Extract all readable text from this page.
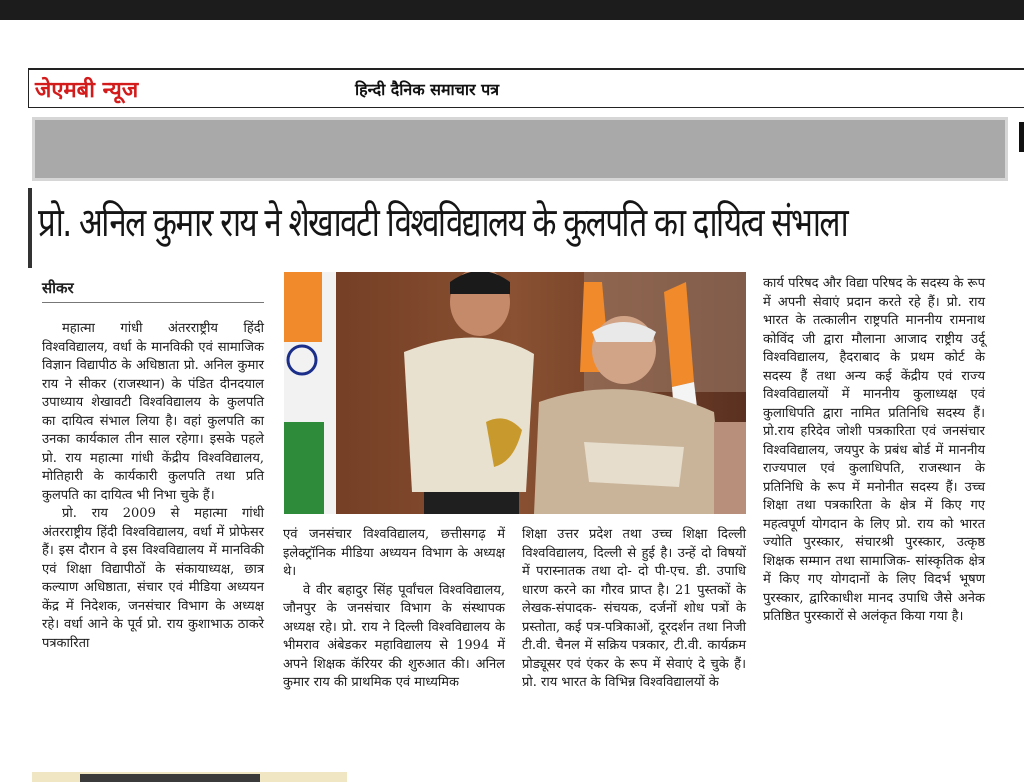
जेएमबी न्यूज	हिन्दी दैनिक समाचार पत्र
प्रो. अनिल कुमार राय ने शेखावटी विश्वविद्यालय के कुलपति का दायित्व संभाला
सीकर

महात्मा गांधी अंतरराष्ट्रीय हिंदी विश्वविद्यालय, वर्धा के मानविकी एवं सामाजिक विज्ञान विद्यापीठ के अधिष्ठाता प्रो. अनिल कुमार राय ने सीकर (राजस्थान) के पंडित दीनदयाल उपाध्याय शेखावटी विश्वविद्यालय के कुलपति का दायित्व संभाल लिया है। वहां कुलपति का उनका कार्यकाल तीन साल रहेगा। इसके पहले प्रो. राय महात्मा गांधी केंद्रीय विश्वविद्यालय, मोतिहारी के कार्यकारी कुलपति तथा प्रति कुलपति का दायित्व भी निभा चुके हैं।

प्रो. राय 2009 से महात्मा गांधी अंतरराष्ट्रीय हिंदी विश्वविद्यालय, वर्धा में प्रोफेसर हैं। इस दौरान वे इस विश्वविद्यालय में मानविकी एवं शिक्षा विद्यापीठों के संकायाध्यक्ष, छात्र कल्याण अधिष्ठाता, संचार एवं मीडिया अध्ययन केंद्र में निदेशक, जनसंचार विभाग के अध्यक्ष रहे। वर्धा आने के पूर्व प्रो. राय कुशाभाऊ ठाकरे पत्रकारिता

एवं जनसंचार विश्वविद्यालय, छत्तीसगढ़ में इलेक्ट्रॉनिक मीडिया अध्ययन विभाग के अध्यक्ष थे।

वे वीर बहादुर सिंह पूर्वांचल विश्वविद्यालय, जौनपुर के जनसंचार विभाग के संस्थापक अध्यक्ष रहे। प्रो. राय ने दिल्ली विश्वविद्यालय के भीमराव अंबेडकर महाविद्यालय से 1994 में अपने शिक्षक कॅरियर की शुरुआत की। अनिल कुमार राय की प्राथमिक एवं माध्यमिक

शिक्षा उत्तर प्रदेश तथा उच्च शिक्षा दिल्ली विश्वविद्यालय, दिल्ली से हुई है। उन्हें दो विषयों में परास्नातक तथा दो- दो पी-एच. डी. उपाधि धारण करने का गौरव प्राप्त है। 21 पुस्तकों के लेखक-संपादक- संचयक, दर्जनों शोध पत्रों के प्रस्तोता, कई पत्र-पत्रिकाओं, दूरदर्शन तथा निजी टी.वी. चैनल में सक्रिय पत्रकार, टी.वी. कार्यक्रम प्रोड्यूसर एवं एंकर के रूप में सेवाएं दे चुके हैं। प्रो. राय भारत के विभिन्न विश्वविद्यालयों के

कार्य परिषद और विद्या परिषद के सदस्य के रूप में अपनी सेवाएं प्रदान करते रहे हैं। प्रो. राय भारत के तत्कालीन राष्ट्रपति माननीय रामनाथ कोविंद जी द्वारा मौलाना आजाद राष्ट्रीय उर्दू विश्वविद्यालय, हैदराबाद के प्रथम कोर्ट के सदस्य हैं तथा अन्य कई केंद्रीय एवं राज्य विश्वविद्यालयों में माननीय कुलाध्यक्ष एवं कुलाधिपति द्वारा नामित प्रतिनिधि सदस्य हैं। प्रो.राय हरिदेव जोशी पत्रकारिता एवं जनसंचार विश्वविद्यालय, जयपुर के प्रबंध बोर्ड में माननीय राज्यपाल एवं कुलाधिपति, राजस्थान के प्रतिनिधि के रूप में मनोनीत सदस्य हैं। उच्च शिक्षा तथा पत्रकारिता के क्षेत्र में किए गए महत्वपूर्ण योगदान के लिए प्रो. राय को भारत ज्योति पुरस्कार, संचारश्री पुरस्कार, उत्कृष्ठ शिक्षक सम्मान तथा सामाजिक- सांस्कृतिक क्षेत्र में किए गए योगदानों के लिए विदर्भ भूषण पुरस्कार, द्वारिकाधीश मानद उपाधि जैसे अनेक प्रतिष्ठित पुरस्कारों से अलंकृत किया गया है।
